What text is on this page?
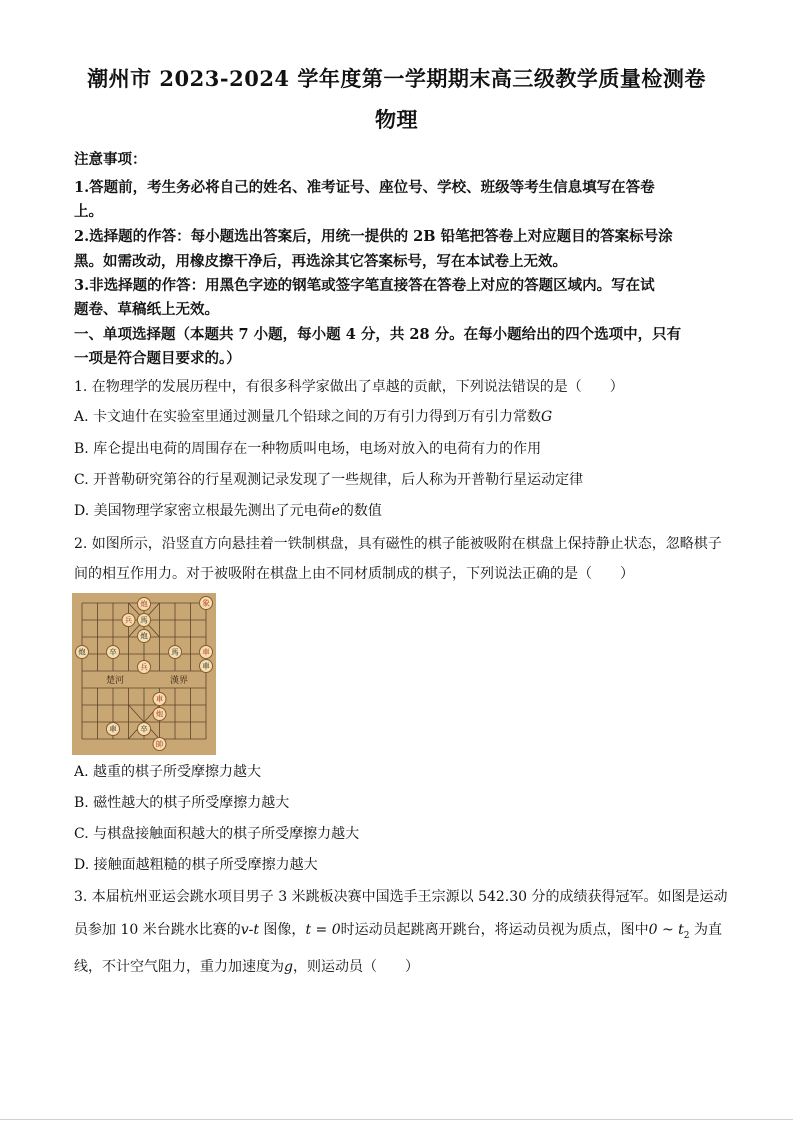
潮州市 2023-2024 学年度第一学期期末高三级教学质量检测卷
物理
注意事项：
1.答题前，考生务必将自己的姓名、准考证号、座位号、学校、班级等考生信息填写在答卷
上。
2.选择题的作答：每小题选出答案后，用统一提供的 2B 铅笔把答卷上对应题目的答案标号涂
黑。如需改动，用橡皮擦干净后，再选涂其它答案标号，写在本试卷上无效。
3.非选择题的作答：用黑色字迹的钢笔或签字笔直接答在答卷上对应的答题区域内。写在试
题卷、草稿纸上无效。
一、单项选择题（本题共 7 小题，每小题 4 分，共 28 分。在每小题给出的四个选项中，只有
一项是符合题目要求的。）
1. 在物理学的发展历程中，有很多科学家做出了卓越的贡献，下列说法错误的是（　　）
A. 卡文迪什在实验室里通过测量几个铅球之间的万有引力得到万有引力常数G
B. 库仑提出电荷的周围存在一种物质叫电场，电场对放入的电荷有力的作用
C. 开普勒研究第谷的行星观测记录发现了一些规律，后人称为开普勒行星运动定律
D. 美国物理学家密立根最先测出了元电荷e的数值
2. 如图所示，沿竖直方向悬挂着一铁制棋盘，具有磁性的棋子能被吸附在棋盘上保持静止状态，忽略棋子
间的相互作用力。对于被吸附在棋盘上由不同材质制成的棋子，下列说法正确的是（　　）
楚河	漢界
炮	象
兵 馬
炮
炮	卒	馬	車
車
兵
車
炮
車	卒
帥
A. 越重的棋子所受摩擦力越大
B. 磁性越大的棋子所受摩擦力越大
C. 与棋盘接触面积越大的棋子所受摩擦力越大
D. 接触面越粗糙的棋子所受摩擦力越大
3. 本届杭州亚运会跳水项目男子 3 米跳板决赛中国选手王宗源以 542.30 分的成绩获得冠军。如图是运动
员参加 10 米台跳水比赛的v-t 图像，t = 0时运动员起跳离开跳台，将运动员视为质点，图中0 ~ $t_2$ 为直
线，不计空气阻力，重力加速度为g，则运动员（　　）
